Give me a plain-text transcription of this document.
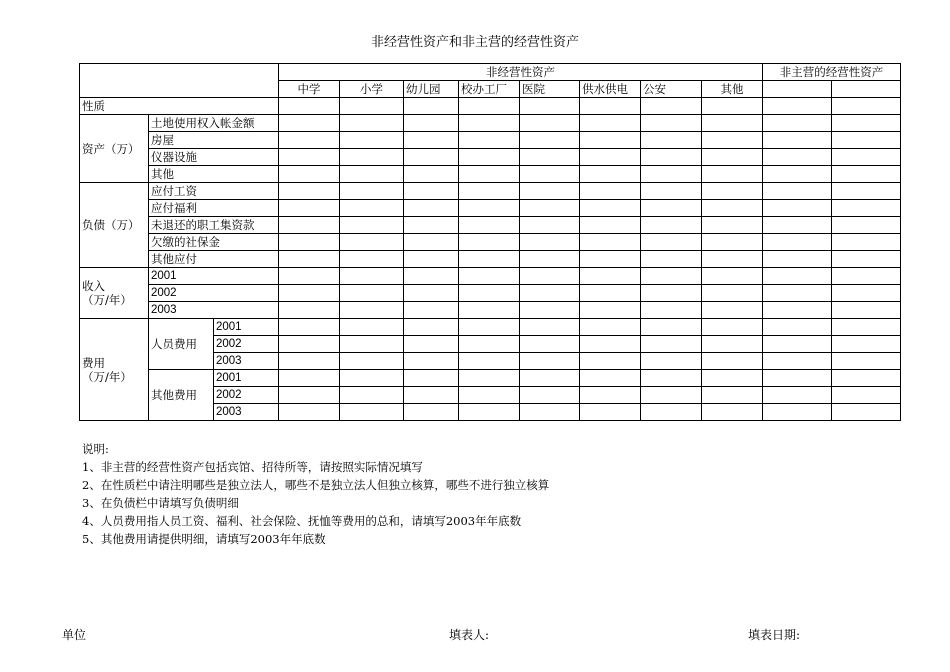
非经营性资产和非主营的经营性资产
			非经营性资产								非主营的经营性资产	
			中学	小学	幼儿园	校办工厂	医院	供水供电	公安	其他		
性质												
资产（万）	土地使用权入帐金额											
	房屋											
	仪器设施											
	其他											
负债（万）	应付工资											
	应付福利											
	未退还的职工集资款											
	欠缴的社保金											
	其他应付											

收入
（万/年）	2001											
	2002											
	2003											

费用
（万/年）	人员费用	2001										
		2002										
		2003										
	其他费用	2001										
		2002										
		2003										
说明:
1、非主营的经营性资产包括宾馆、招待所等，请按照实际情况填写
2、在性质栏中请注明哪些是独立法人，哪些不是独立法人但独立核算，哪些不进行独立核算
3、在负债栏中请填写负债明细
4、人员费用指人员工资、福利、社会保险、抚恤等费用的总和，请填写2003年年底数
5、其他费用请提供明细，请填写2003年年底数
单位	填表人:	填表日期:
